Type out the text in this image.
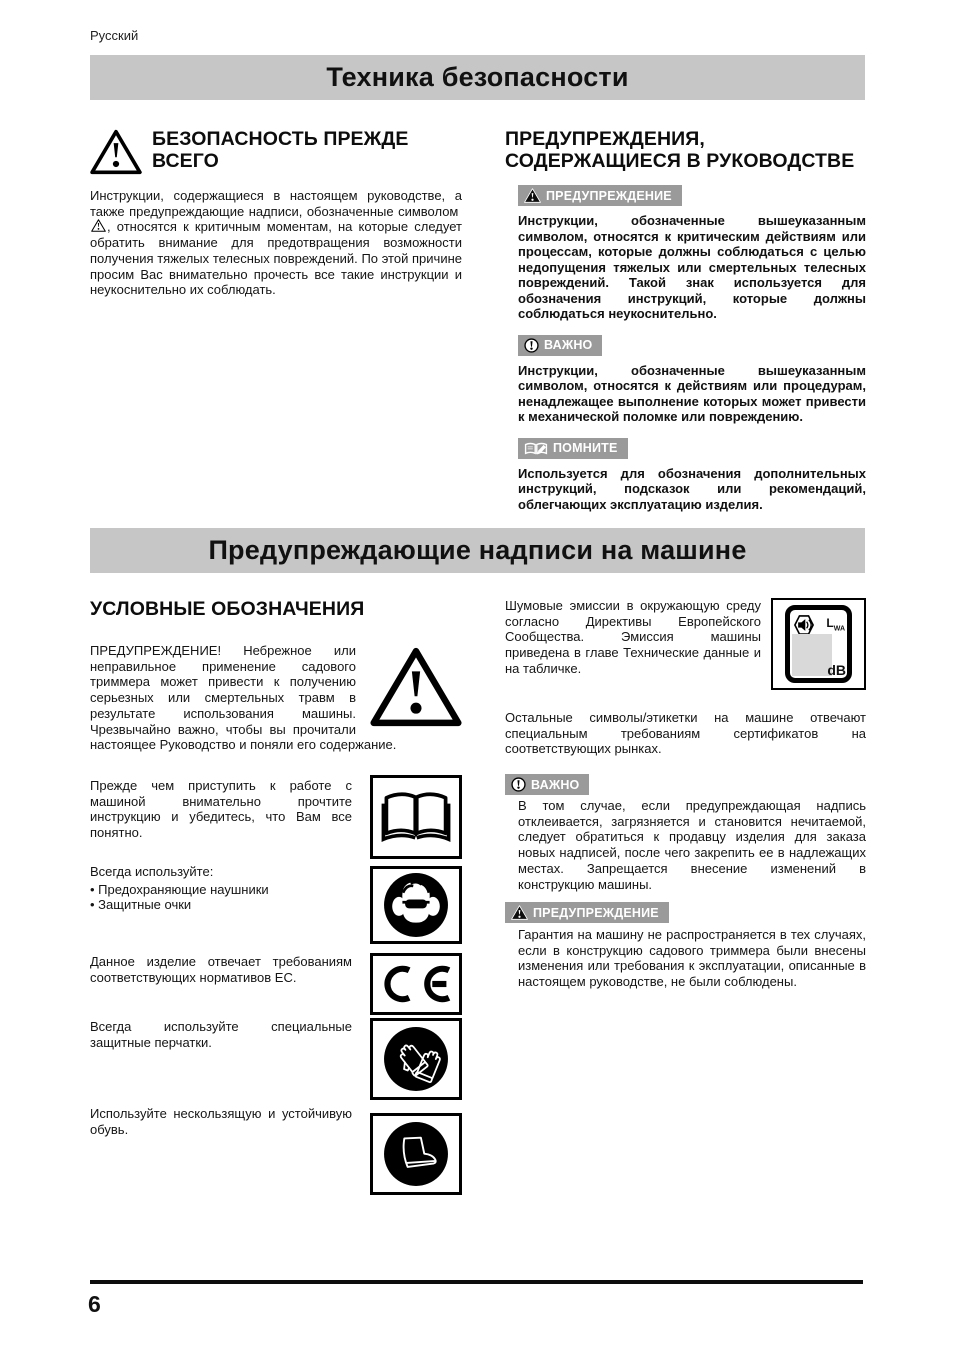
Русский
Техника безопасности
БЕЗОПАСНОСТЬ ПРЕЖДЕ
ВСЕГО

Инструкции, содержащиеся в настоящем руководстве, а также предупреждающие надписи, обозначенные символом , относятся к критичным моментам, на которые следует обратить внимание для предотвращения возможности получения тяжелых телесных повреждений. По этой причине просим Вас внимательно прочесть все такие инструкции и неукоснительно их соблюдать.

ПРЕДУПРЕЖДЕНИЯ, СОДЕРЖАЩИЕСЯ В РУКОВОДСТВЕ
ПРЕДУПРЕЖДЕНИЕ

Инструкции, обозначенные вышеуказанным символом, относятся к критическим действиям или процессам, которые должны соблюдаться с целью недопущения тяжелых или смертельных телесных повреждений. Такой знак используется для обозначения инструкций, которые должны соблюдаться неукоснительно.

ВАЖНО

Инструкции, обозначенные вышеуказанным символом, относятся к действиям или процедурам, ненадлежащее выполнение которых может привести к механической поломке или повреждению.

ПОМНИТЕ

Используется для обозначения дополнительных инструкций, подсказок или рекомендаций, облегчающих эксплуатацию изделия.

Предупреждающие надписи на машине
УСЛОВНЫЕ ОБОЗНАЧЕНИЯ

ПРЕДУПРЕЖДЕНИЕ! Небрежное или неправильное применение садового триммера может привести к получению серьезных или смертельных травм в результате использования машины. Чрезвычайно важно, чтобы вы прочитали настоящее Руководство и поняли его содержание.

Прежде чем приступить к работе с машиной внимательно прочтите инструкцию и убедитесь, что Вам все понятно.

Всегда используйте:

• Предохраняющие наушники

• Защитные очки

Данное изделие отвечает требованиям соответствующих нормативов ЕС.

Всегда используйте специальные защитные перчатки.

Используйте нескользящую и устойчивую обувь.

Шумовые эмиссии в окружающую среду согласно Директивы Европейского Сообщества. Эмиссия машины приведена в главе Технические данные и на табличке.

$L_{WA}$
dB

Остальные символы/этикетки на машине отвечают специальным требованиям сертификатов на соответствующих рынках.

ВАЖНО

В том случае, если предупреждающая надпись отклеивается, загрязняется и становится нечитаемой, следует обратиться к продавцу изделия для заказа новых надписей, после чего закрепить ее в надлежащих местах. Запрещается внесение изменений в конструкцию машины.

ПРЕДУПРЕЖДЕНИЕ

Гарантия на машину не распространяется в тех случаях, если в конструкцию садового триммера были внесены изменения или требования к эксплуатации, описанные в настоящем руководстве, не были соблюдены.

6
